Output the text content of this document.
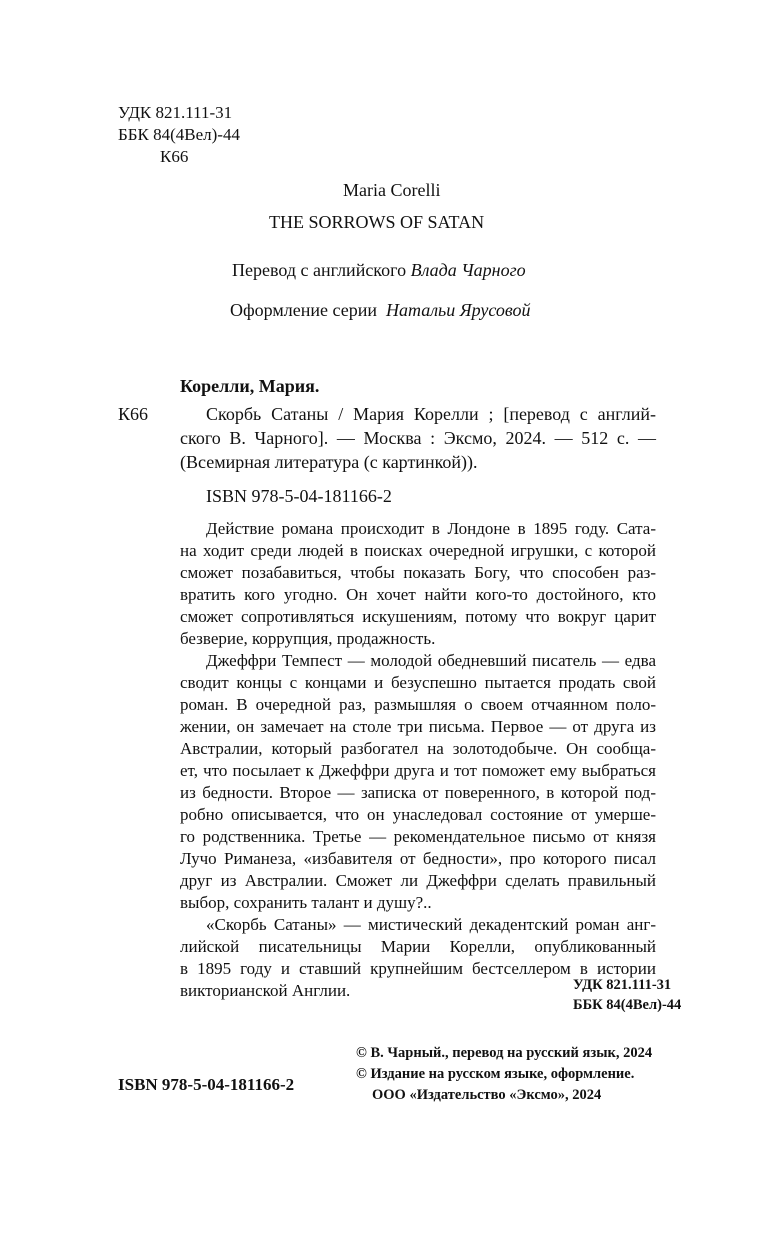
УДК 821.111-31
ББК 84(4Вел)-44
К66
Maria Corelli
THE SORROWS OF SATAN
Перевод с английского Влада Чарного
Оформление серии Натальи Ярусовой
Корелли, Мария.
К66	Скорбь Сатаны / Мария Корелли ; [перевод с англий-
ского В. Чарного]. — Москва : Эксмо, 2024. — 512 с. —
(Всемирная литература (с картинкой)).
ISBN 978-5-04-181166-2
Действие романа происходит в Лондоне в 1895 году. Сата-
на ходит среди людей в поисках очередной игрушки, с которой
сможет позабавиться, чтобы показать Богу, что способен раз-
вратить кого угодно. Он хочет найти кого-то достойного, кто
сможет сопротивляться искушениям, потому что вокруг царит
безверие, коррупция, продажность.
Джеффри Темпест — молодой обедневший писатель — едва
сводит концы с концами и безуспешно пытается продать свой
роман. В очередной раз, размышляя о своем отчаянном поло-
жении, он замечает на столе три письма. Первое — от друга из
Австралии, который разбогател на золотодобыче. Он сообща-
ет, что посылает к Джеффри друга и тот поможет ему выбраться
из бедности. Второе — записка от поверенного, в которой под-
робно описывается, что он унаследовал состояние от умерше-
го родственника. Третье — рекомендательное письмо от князя
Лучо Риманеза, «избавителя от бедности», про которого писал
друг из Австралии. Сможет ли Джеффри сделать правильный
выбор, сохранить талант и душу?..
«Скорбь Сатаны» — мистический декадентский роман анг-
лийской писательницы Марии Корелли, опубликованный
в 1895 году и ставший крупнейшим бестселлером в истории
викторианской Англии.	УДК 821.111-31
ББК 84(4Вел)-44
© В. Чарный., перевод на русский язык, 2024
© Издание на русском языке, оформление.
ООО «Издательство «Эксмо», 2024
ISBN 978-5-04-181166-2
